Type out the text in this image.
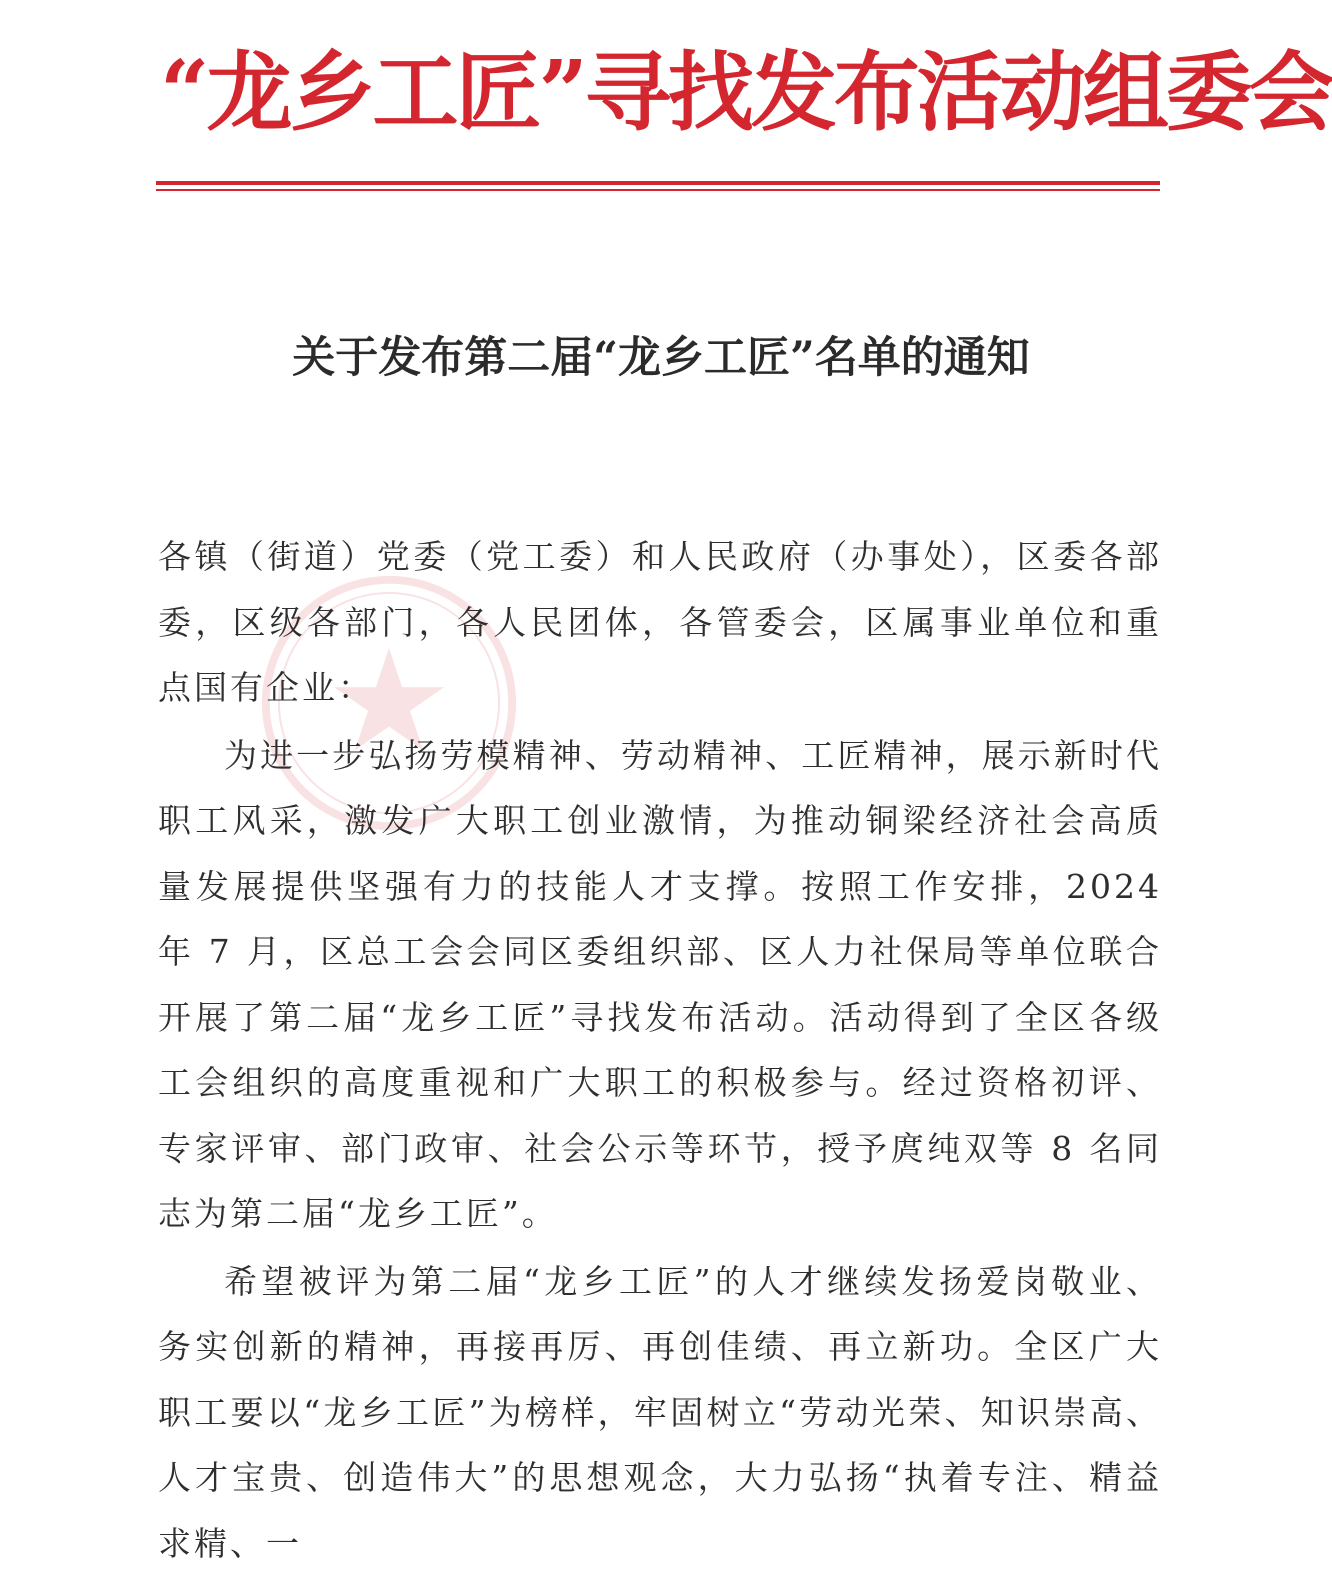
“龙乡工匠”寻找发布活动组委会
关于发布第二届“龙乡工匠”名单的通知

各镇（街道）党委（党工委）和人民政府（办事处），区委各部委，区级各部门，各人民团体，各管委会，区属事业单位和重点国有企业：

为进一步弘扬劳模精神、劳动精神、工匠精神，展示新时代职工风采，激发广大职工创业激情，为推动铜梁经济社会高质量发展提供坚强有力的技能人才支撑。按照工作安排，2024 年 7 月，区总工会会同区委组织部、区人力社保局等单位联合开展了第二届“龙乡工匠”寻找发布活动。活动得到了全区各级工会组织的高度重视和广大职工的积极参与。经过资格初评、专家评审、部门政审、社会公示等环节，授予庹纯双等 8 名同志为第二届“龙乡工匠”。

希望被评为第二届“龙乡工匠”的人才继续发扬爱岗敬业、务实创新的精神，再接再厉、再创佳绩、再立新功。全区广大职工要以“龙乡工匠”为榜样，牢固树立“劳动光荣、知识崇高、人才宝贵、创造伟大”的思想观念，大力弘扬“执着专注、精益求精、一
